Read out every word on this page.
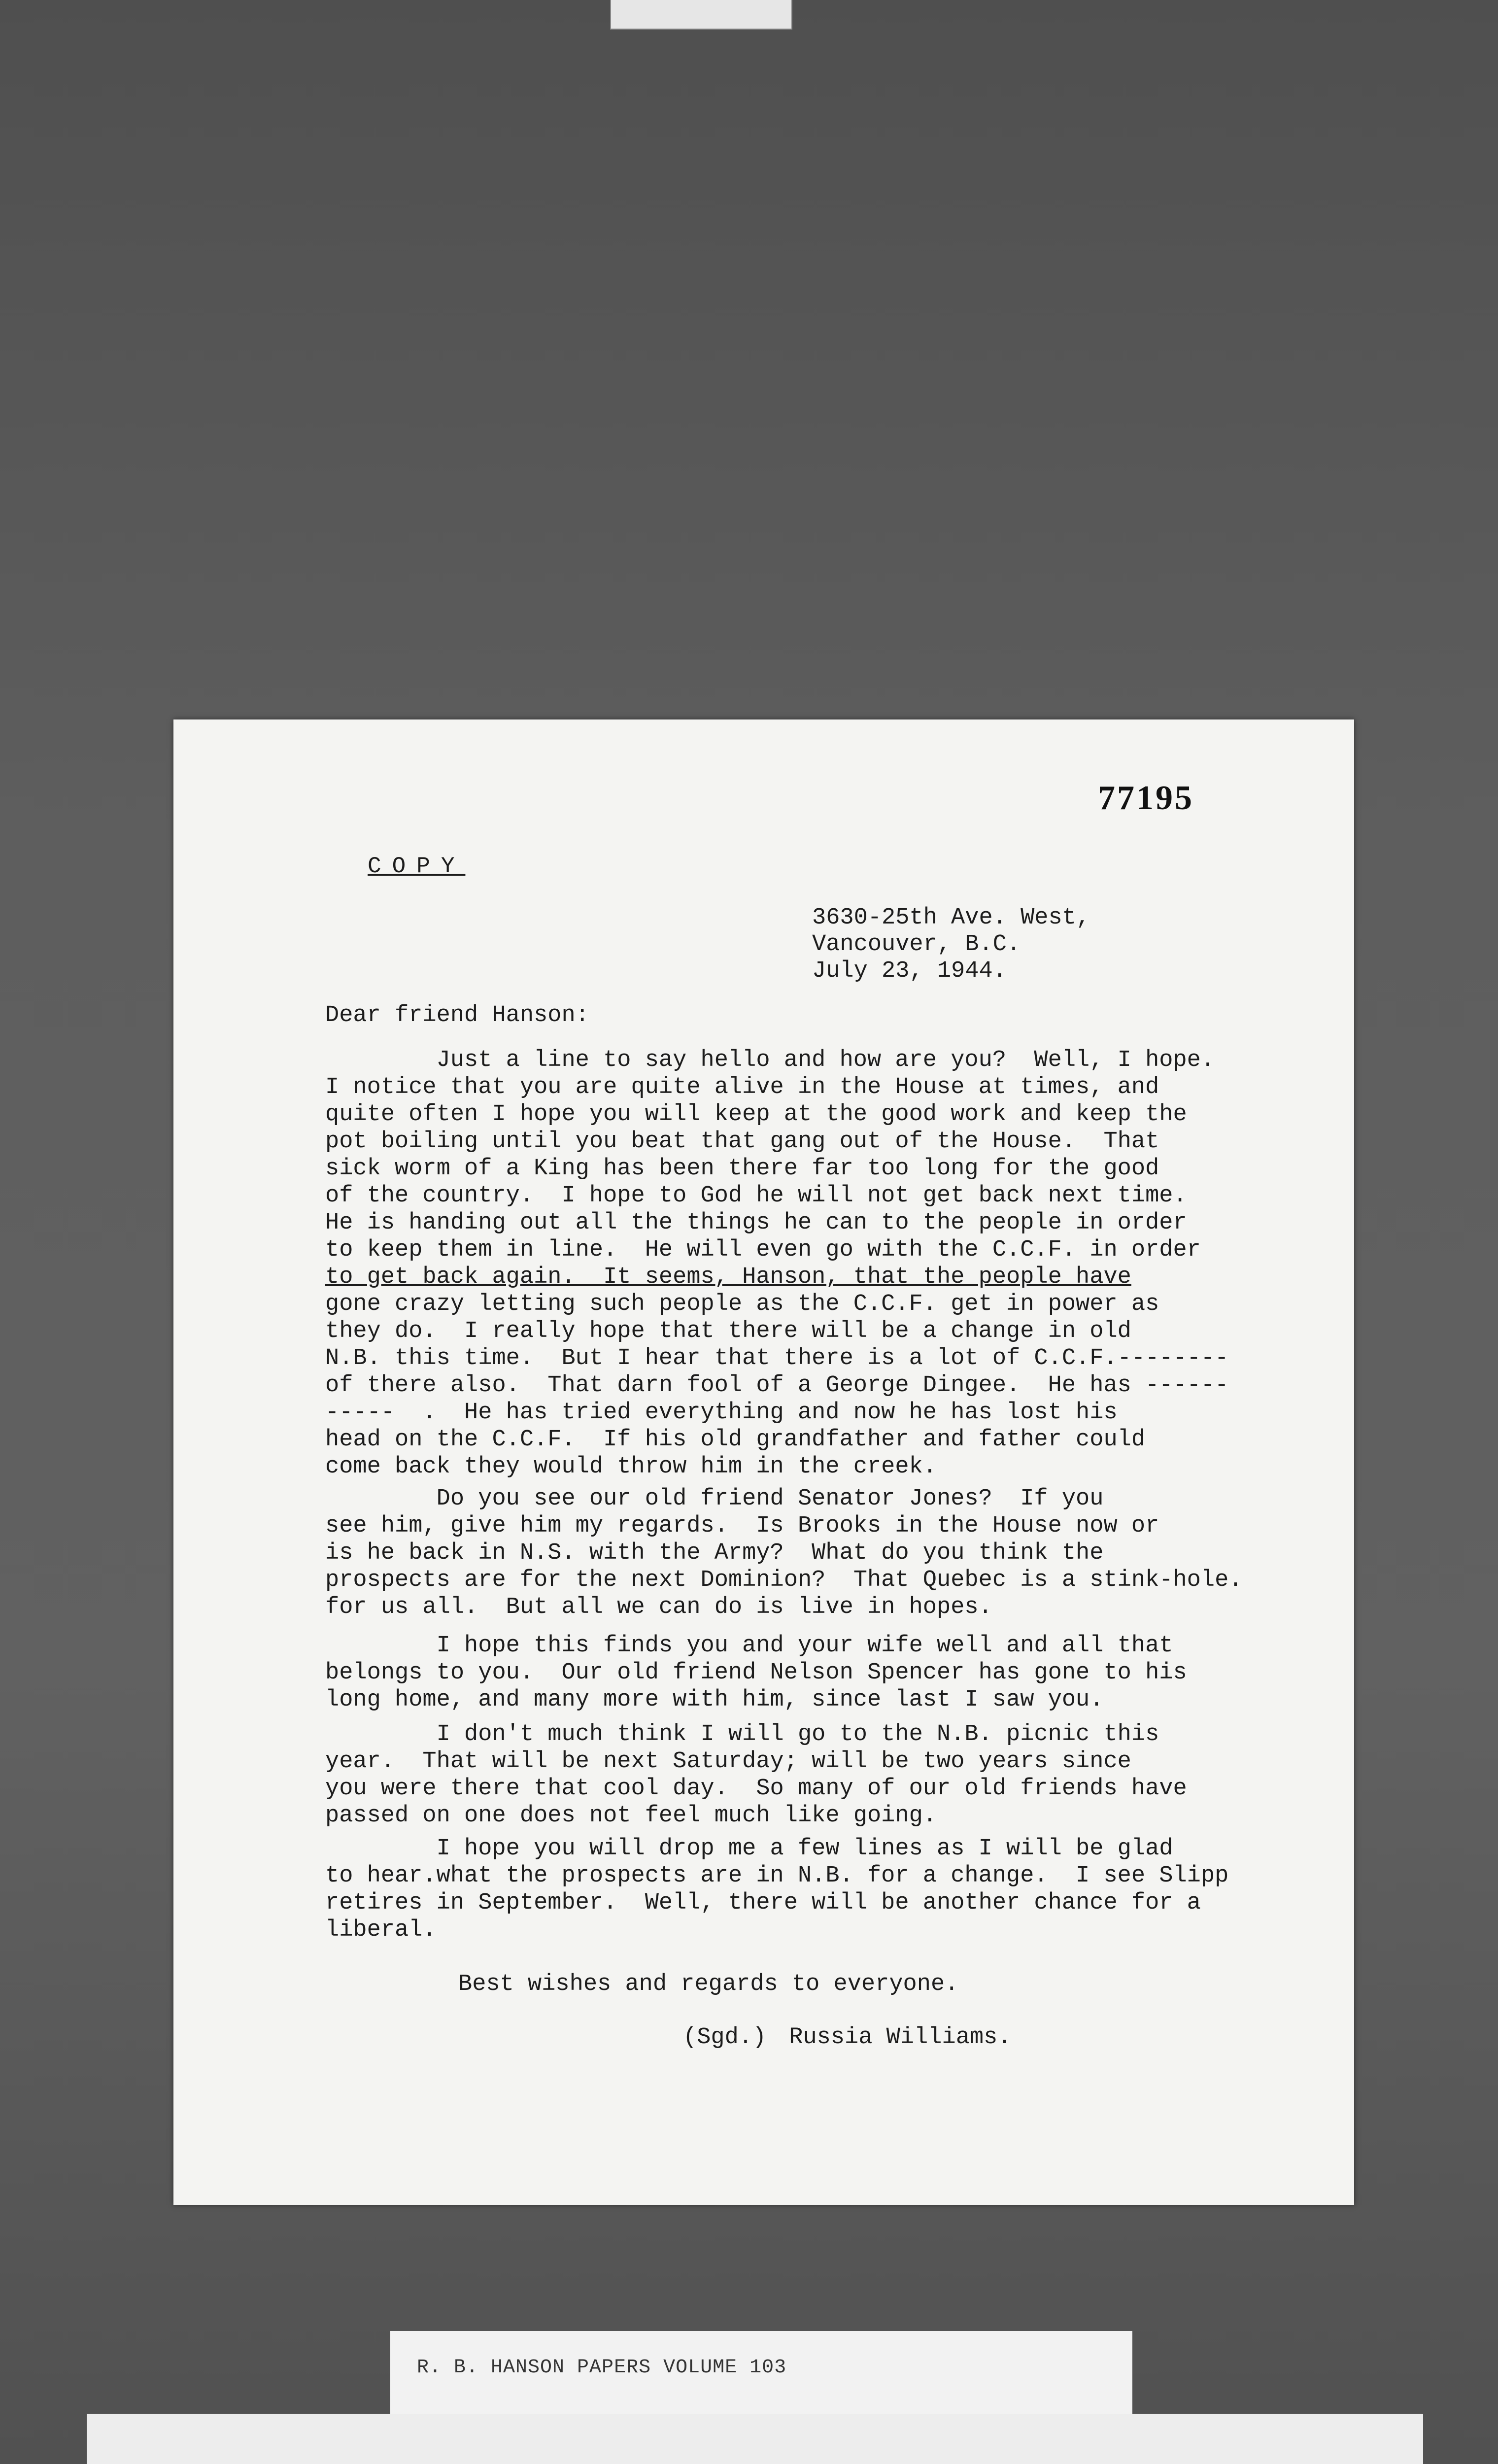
77195
COPY
3630-25th Ave. West,
Vancouver, B.C.
July 23, 1944.
Dear friend Hanson:
Just a line to say hello and how are you?  Well, I hope.
I notice that you are quite alive in the House at times, and
quite often I hope you will keep at the good work and keep the
pot boiling until you beat that gang out of the House.  That
sick worm of a King has been there far too long for the good
of the country.  I hope to God he will not get back next time.
He is handing out all the things he can to the people in order
to keep them in line.  He will even go with the C.C.F. in order
to get back again.  It seems, Hanson, that the people have
gone crazy letting such people as the C.C.F. get in power as
they do.  I really hope that there will be a change in old
N.B. this time.  But I hear that there is a lot of C.C.F.--------
of there also.  That darn fool of a George Dingee.  He has ------
-----  .  He has tried everything and now he has lost his
head on the C.C.F.  If his old grandfather and father could
come back they would throw him in the creek.
Do you see our old friend Senator Jones?  If you
see him, give him my regards.  Is Brooks in the House now or
is he back in N.S. with the Army?  What do you think the
prospects are for the next Dominion?  That Quebec is a stink-hole.
for us all.  But all we can do is live in hopes.
I hope this finds you and your wife well and all that
belongs to you.  Our old friend Nelson Spencer has gone to his
long home, and many more with him, since last I saw you.
I don't much think I will go to the N.B. picnic this
year.  That will be next Saturday; will be two years since
you were there that cool day.  So many of our old friends have
passed on one does not feel much like going.
I hope you will drop me a few lines as I will be glad
to hear.what the prospects are in N.B. for a change.  I see Slipp
retires in September.  Well, there will be another chance for a
liberal.
Best wishes and regards to everyone.
(Sgd.) Russia Williams.
R. B. HANSON PAPERS VOLUME 103
